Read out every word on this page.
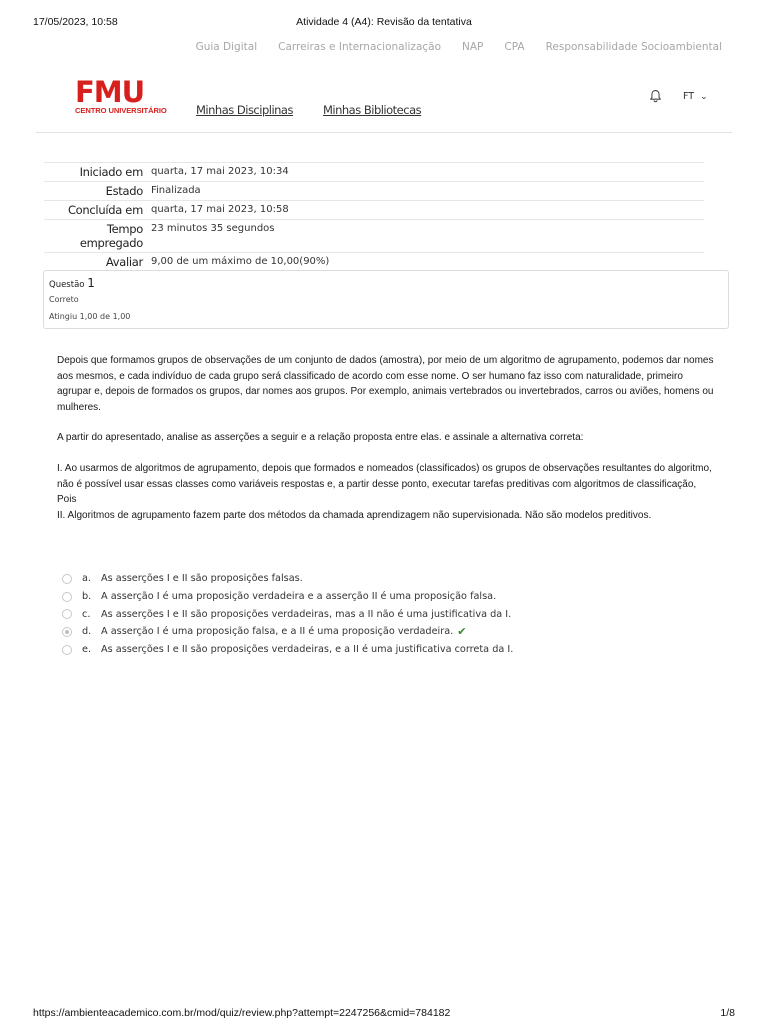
17/05/2023, 10:58	Atividade 4 (A4): Revisão da tentativa
Guia Digital Carreiras e Internacionalização NAP CPA Responsabilidade Socioambiental
FMU
CENTRO UNIVERSITÁRIO	Minhas Disciplinas	Minhas Bibliotecas
FT ⌄
Iniciado em	quarta, 17 mai 2023, 10:34
Estado	Finalizada
Concluída em	quarta, 17 mai 2023, 10:58
Tempo empregado	23 minutos 35 segundos
Avaliar	9,00 de um máximo de 10,00(90%)
Questão 1
Correto
Atingiu 1,00 de 1,00

Depois que formamos grupos de observações de um conjunto de dados (amostra), por meio de um algoritmo de agrupamento, podemos dar nomes aos mesmos, e cada indivíduo de cada grupo será classificado de acordo com esse nome. O ser humano faz isso com naturalidade, primeiro agrupar e, depois de formados os grupos, dar nomes aos grupos. Por exemplo, animais vertebrados ou invertebrados, carros ou aviões, homens ou mulheres.

A partir do apresentado, analise as asserções a seguir e a relação proposta entre elas. e assinale a alternativa correta:

I. Ao usarmos de algoritmos de agrupamento, depois que formados e nomeados (classificados) os grupos de observações resultantes do algoritmo, não é possível usar essas classes como variáveis respostas e, a partir desse ponto, executar tarefas preditivas com algoritmos de classificação,

Pois

II. Algoritmos de agrupamento fazem parte dos métodos da chamada aprendizagem não supervisionada. Não são modelos preditivos.

a.	As asserções I e II são proposições falsas.
b.	A asserção I é uma proposição verdadeira e a asserção II é uma proposição falsa.
c.	As asserções I e II são proposições verdadeiras, mas a II não é uma justificativa da I.
d.	A asserção I é uma proposição falsa, e a II é uma proposição verdadeira. ✔
e.	As asserções I e II são proposições verdadeiras, e a II é uma justificativa correta da I.
https://ambienteacademico.com.br/mod/quiz/review.php?attempt=2247256&cmid=784182	1/8
